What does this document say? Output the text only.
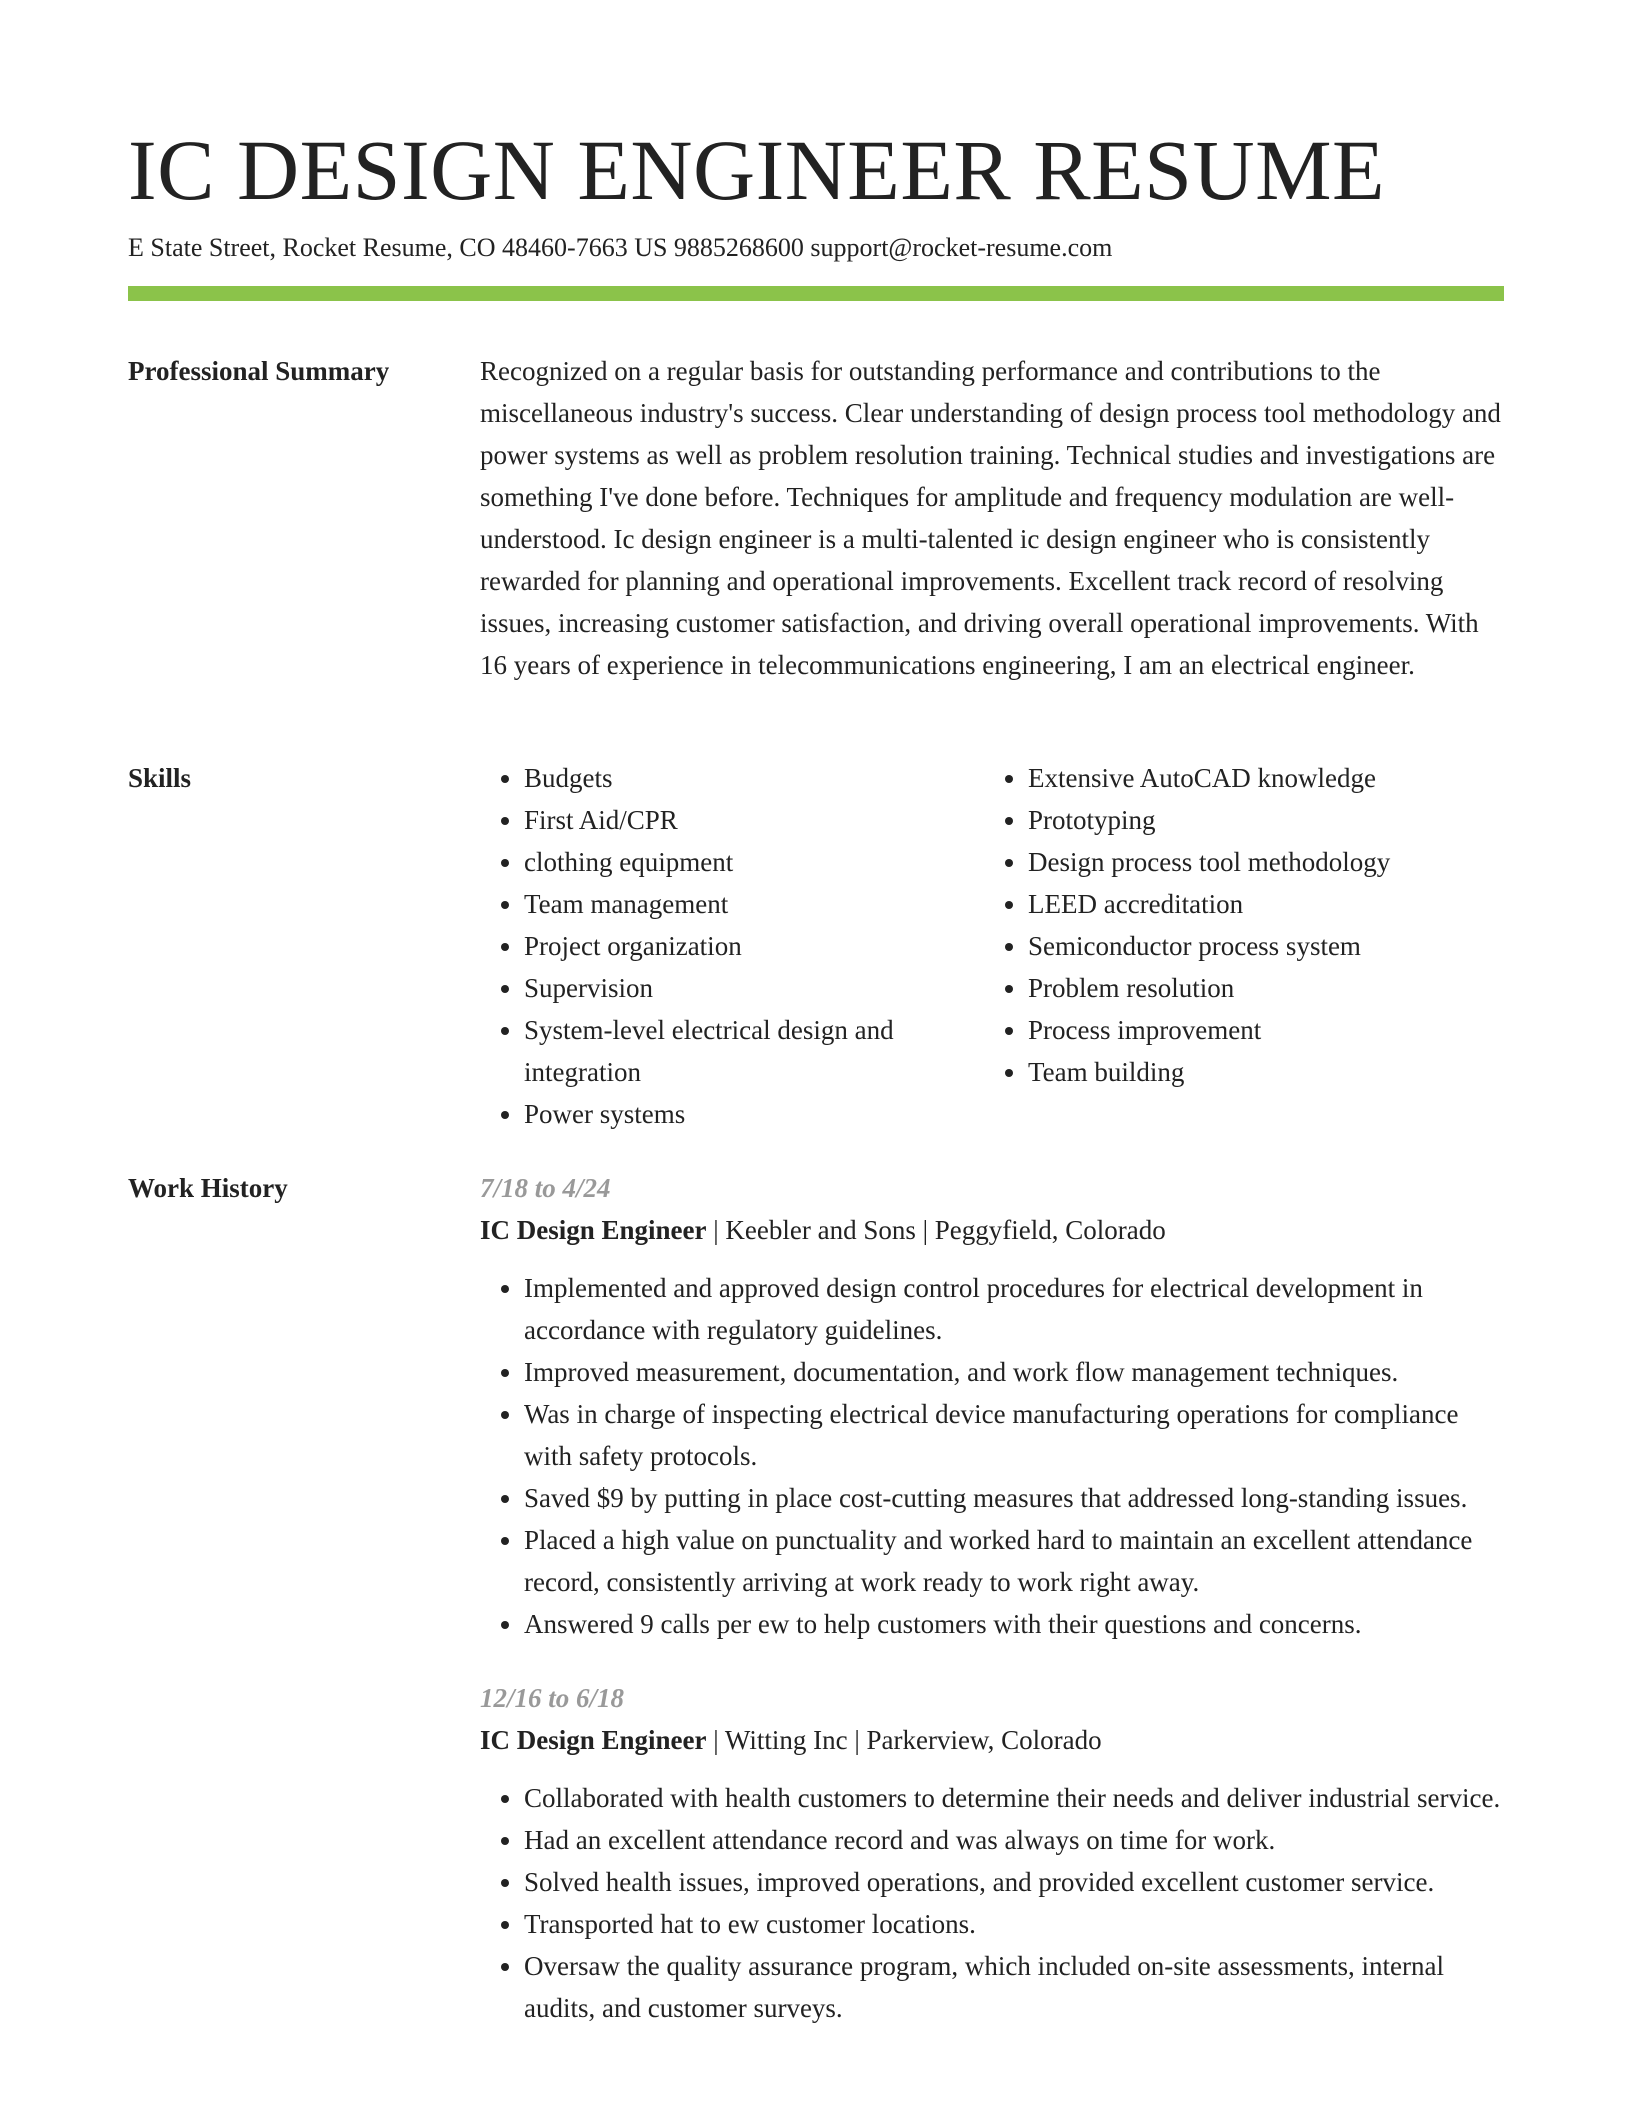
IC DESIGN ENGINEER RESUME
E State Street, Rocket Resume, CO 48460-7663 US 9885268600 support@rocket-resume.com
Professional Summary	Recognized on a regular basis for outstanding performance and contributions to the miscellaneous industry's success. Clear understanding of design process tool methodology and power systems as well as problem resolution training. Technical studies and investigations are something I've done before. Techniques for amplitude and frequency modulation are well-understood. Ic design engineer is a multi-talented ic design engineer who is consistently rewarded for planning and operational improvements. Excellent track record of resolving issues, increasing customer satisfaction, and driving overall operational improvements. With 16 years of experience in telecommunications engineering, I am an electrical engineer.

Skills
•	Budgets
• First Aid/CPR
• clothing equipment
• Team management
• Project organization
• Supervision
• System-level electrical design and integration
• Power systems
• Extensive AutoCAD knowledge
• Prototyping
• Design process tool methodology
• LEED accreditation
• Semiconductor process system
• Problem resolution
• Process improvement
• Team building
Work History	7/18 to 4/24
IC Design Engineer | Keebler and Sons | Peggyfield, Colorado
• Implemented and approved design control procedures for electrical development in accordance with regulatory guidelines.
• Improved measurement, documentation, and work flow management techniques.
• Was in charge of inspecting electrical device manufacturing operations for compliance with safety protocols.
• Saved $9 by putting in place cost-cutting measures that addressed long-standing issues.
• Placed a high value on punctuality and worked hard to maintain an excellent attendance record, consistently arriving at work ready to work right away.
• Answered 9 calls per ew to help customers with their questions and concerns.
12/16 to 6/18
IC Design Engineer | Witting Inc | Parkerview, Colorado
• Collaborated with health customers to determine their needs and deliver industrial service.
• Had an excellent attendance record and was always on time for work.
• Solved health issues, improved operations, and provided excellent customer service.
• Transported hat to ew customer locations.
• Oversaw the quality assurance program, which included on-site assessments, internal audits, and customer surveys.
